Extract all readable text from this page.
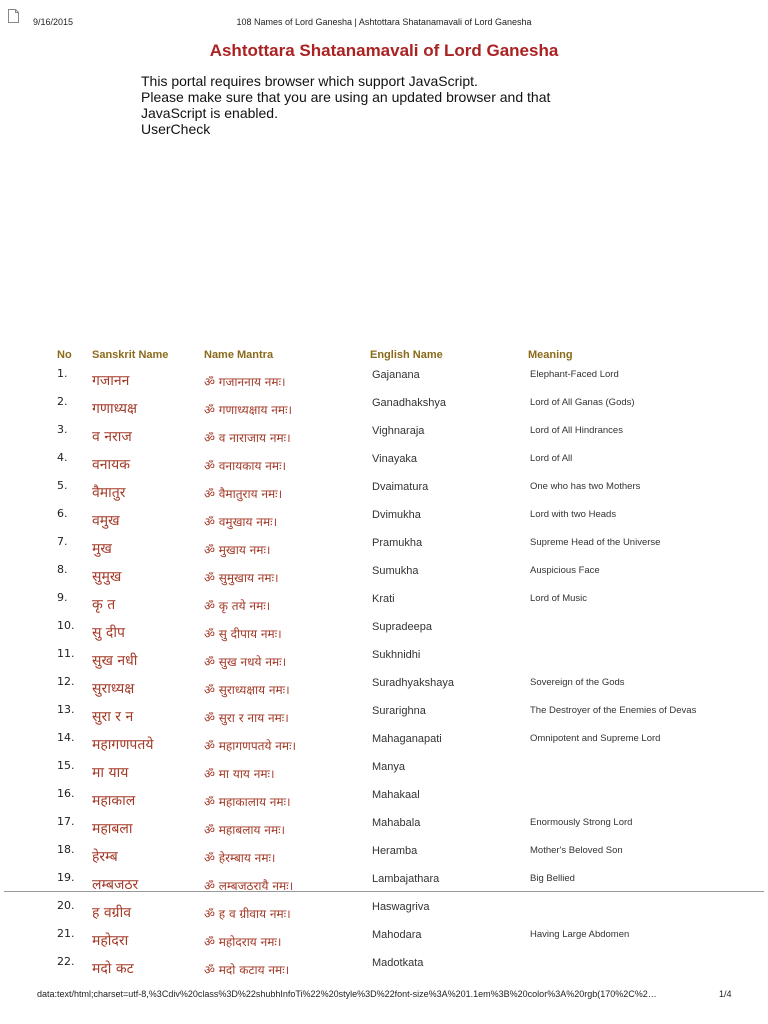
9/16/2015	108 Names of Lord Ganesha | Ashtottara Shatanamavali of Lord Ganesha
Ashtottara Shatanamavali of Lord Ganesha
This portal requires browser which support JavaScript.
Please make sure that you are using an updated browser and that
JavaScript is enabled.
UserCheck
No Sanskrit Name	Name Mantra	English Name	Meaning
1. गजानन	ॐ गजाननाय नमः।	Gajanana	Elephant-Faced Lord
2. गणाध्यक्ष	ॐ गणाध्यक्षाय नमः।	Ganadhakshya	Lord of All Ganas (Gods)
3. व नराज	ॐ व नाराजाय नमः।	Vighnaraja	Lord of All Hindrances
4. वनायक	ॐ वनायकाय नमः।	Vinayaka	Lord of All
5. वैमातुर	ॐ वैमातुराय नमः।	Dvaimatura	One who has two Mothers
6. वमुख	ॐ वमुखाय नमः।	Dvimukha	Lord with two Heads
7. मुख	ॐ मुखाय नमः।	Pramukha	Supreme Head of the Universe
8. सुमुख	ॐ सुमुखाय नमः।	Sumukha	Auspicious Face
9. कृ त	ॐ कृ तये नमः।	Krati	Lord of Music
10. सु दीप	ॐ सु दीपाय नमः।	Supradeepa
11. सुख नधी	ॐ सुख नधये नमः।	Sukhnidhi
12. सुराध्यक्ष	ॐ सुराध्यक्षाय नमः।	Suradhyakshaya	Sovereign of the Gods
13. सुरा र न	ॐ सुरा र नाय नमः।	Surarighna	The Destroyer of the Enemies of Devas
14. महागणपतये	ॐ महागणपतये नमः।	Mahaganapati	Omnipotent and Supreme Lord
15. मा याय	ॐ मा याय नमः।	Manya
16. महाकाल	ॐ महाकालाय नमः।	Mahakaal
17. महाबला	ॐ महाबलाय नमः।	Mahabala	Enormously Strong Lord
18. हेरम्ब	ॐ हेरम्बाय नमः।	Heramba	Mother's Beloved Son
19. लम्बजठर	ॐ लम्बजठरायै नमः।	Lambajathara	Big Bellied
20. ह वग्रीव	ॐ ह व ग्रीवाय नमः।	Haswagriva
21. महोदरा	ॐ महोदराय नमः।	Mahodara	Having Large Abdomen
22. मदो कट	ॐ मदो कटाय नमः।	Madotkata
data:text/html;charset=utf-8,%3Cdiv%20class%3D%22shubhInfoTi%22%20style%3D%22font-size%3A%201.1em%3B%20color%3A%20rgb(170%2C%2…	1/4
